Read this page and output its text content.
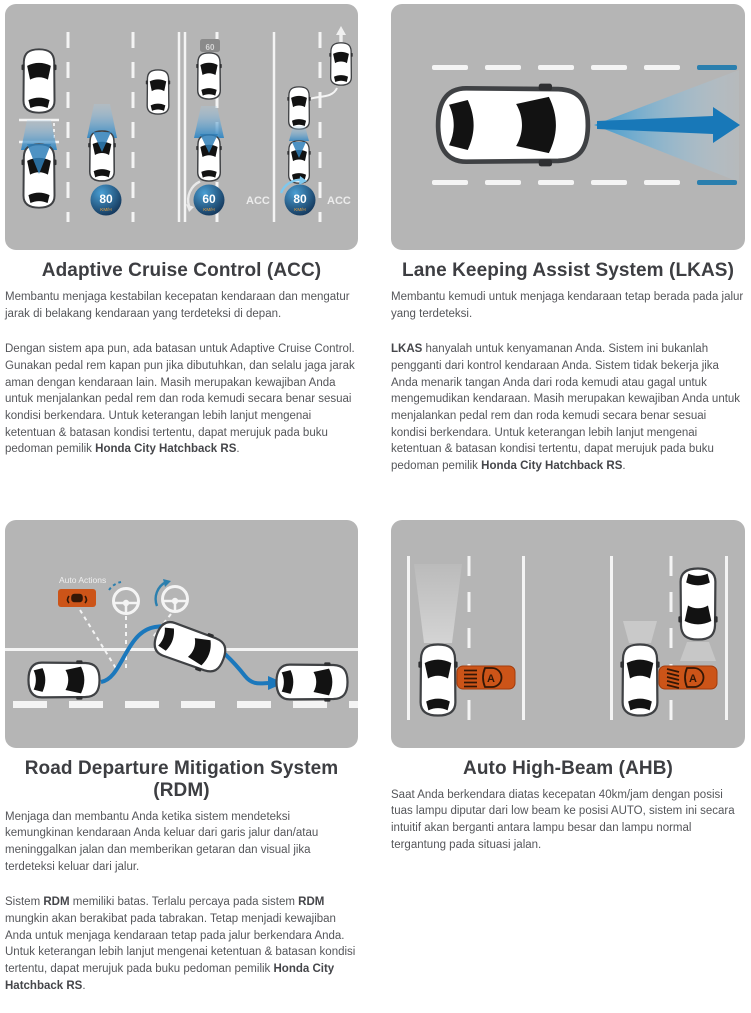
80
KM/H
60
60
KM/H
ACC 80
KM/H
ACC
Adaptive Cruise Control (ACC)

Membantu menjaga kestabilan kecepatan kendaraan dan mengatur jarak di belakang kendaraan yang terdeteksi di depan.

Dengan sistem apa pun, ada batasan untuk Adaptive Cruise Control. Gunakan pedal rem kapan pun jika dibutuhkan, dan selalu jaga jarak aman dengan kendaraan lain. Masih merupakan kewajiban Anda untuk menjalankan pedal rem dan roda kemudi secara benar sesuai kondisi berkendara. Untuk keterangan lebih lanjut mengenai ketentuan & batasan kondisi tertentu, dapat merujuk pada buku pedoman pemilik Honda City Hatchback RS.

Lane Keeping Assist System (LKAS)

Membantu kemudi untuk menjaga kendaraan tetap berada pada jalur yang terdeteksi.

LKAS hanyalah untuk kenyamanan Anda. Sistem ini bukanlah pengganti dari kontrol kendaraan Anda. Sistem tidak bekerja jika Anda menarik tangan Anda dari roda kemudi atau gagal untuk mengemudikan kendaraan. Masih merupakan kewajiban Anda untuk menjalankan pedal rem dan roda kemudi secara benar sesuai kondisi berkendara. Untuk keterangan lebih lanjut mengenai ketentuan & batasan kondisi tertentu, dapat merujuk pada buku pedoman pemilik Honda City Hatchback RS.

Auto Actions
Road Departure Mitigation System (RDM)

Menjaga dan membantu Anda ketika sistem mendeteksi kemungkinan kendaraan Anda keluar dari garis jalur dan/atau meninggalkan jalan dan memberikan getaran dan visual jika terdeteksi keluar dari jalur.

Sistem RDM memiliki batas. Terlalu percaya pada sistem RDM mungkin akan berakibat pada tabrakan. Tetap menjadi kewajiban Anda untuk menjaga kendaraan tetap pada jalur berkendara Anda. Untuk keterangan lebih lanjut mengenai ketentuan & batasan kondisi tertentu, dapat merujuk pada buku pedoman pemilik Honda City Hatchback RS.

A	A
Auto High-Beam (AHB)

Saat Anda berkendara diatas kecepatan 40km/jam dengan posisi tuas lampu diputar dari low beam ke posisi AUTO, sistem ini secara intuitif akan berganti antara lampu besar dan lampu normal tergantung pada situasi jalan.
